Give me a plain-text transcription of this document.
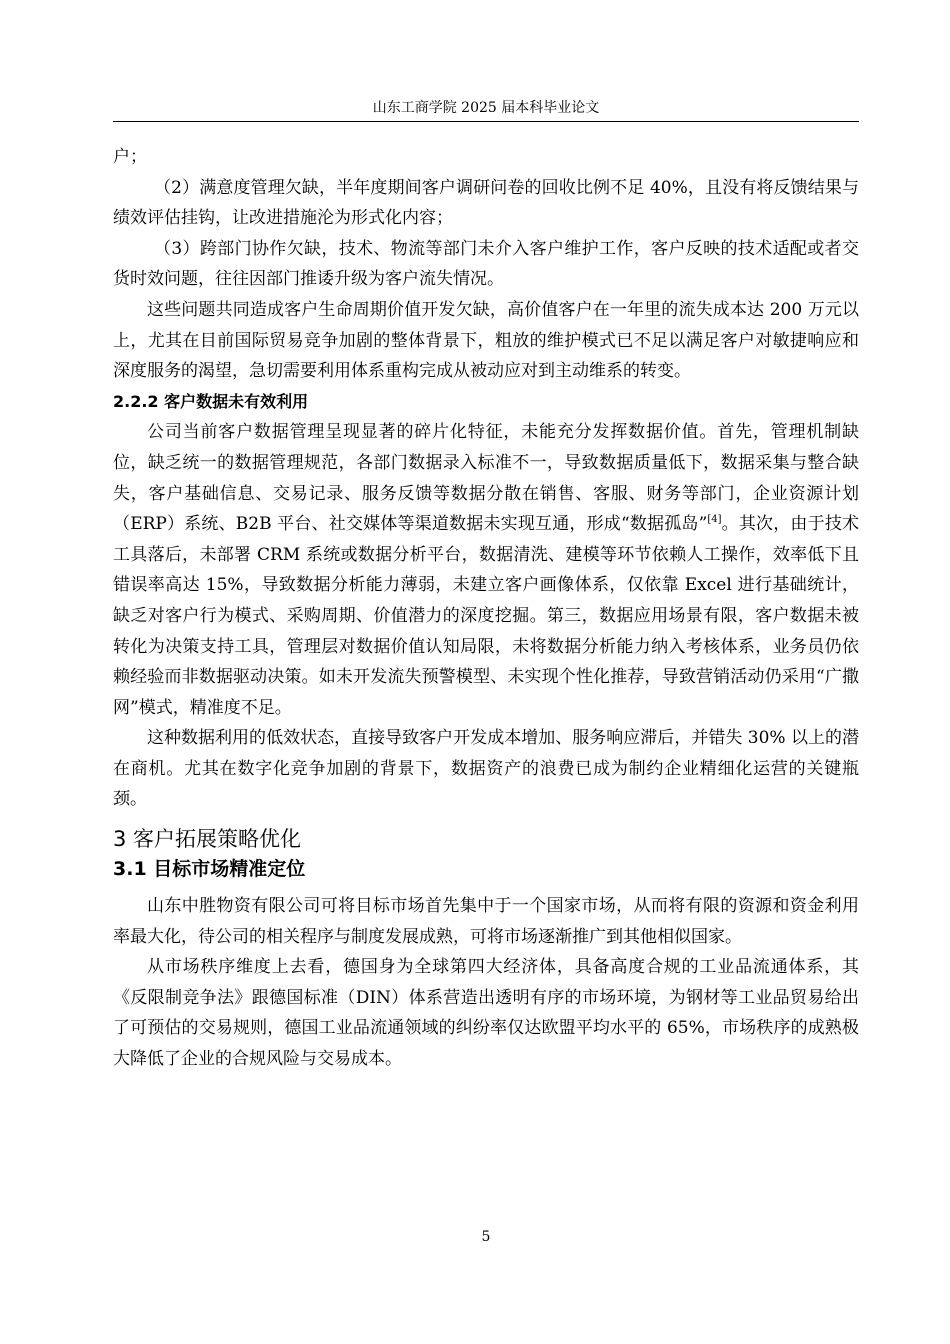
山东工商学院 2025 届本科毕业论文

户；

（2）满意度管理欠缺，半年度期间客户调研问卷的回收比例不足 40%，且没有将反馈结果与绩效评估挂钩，让改进措施沦为形式化内容；

（3）跨部门协作欠缺，技术、物流等部门未介入客户维护工作，客户反映的技术适配或者交货时效问题，往往因部门推诿升级为客户流失情况。

这些问题共同造成客户生命周期价值开发欠缺，高价值客户在一年里的流失成本达 200 万元以上，尤其在目前国际贸易竞争加剧的整体背景下，粗放的维护模式已不足以满足客户对敏捷响应和深度服务的渴望，急切需要利用体系重构完成从被动应对到主动维系的转变。

2.2.2 客户数据未有效利用

公司当前客户数据管理呈现显著的碎片化特征，未能充分发挥数据价值。首先，管理机制缺位，缺乏统一的数据管理规范，各部门数据录入标准不一，导致数据质量低下，数据采集与整合缺失，客户基础信息、交易记录、服务反馈等数据分散在销售、客服、财务等部门，企业资源计划（ERP）系统、B2B 平台、社交媒体等渠道数据未实现互通，形成“数据孤岛”[4]。其次，由于技术工具落后，未部署 CRM 系统或数据分析平台，数据清洗、建模等环节依赖人工操作，效率低下且错误率高达 15%，导致数据分析能力薄弱，未建立客户画像体系，仅依靠 Excel 进行基础统计，缺乏对客户行为模式、采购周期、价值潜力的深度挖掘。第三，数据应用场景有限，客户数据未被转化为决策支持工具，管理层对数据价值认知局限，未将数据分析能力纳入考核体系，业务员仍依赖经验而非数据驱动决策。如未开发流失预警模型、未实现个性化推荐，导致营销活动仍采用“广撒网”模式，精准度不足。

这种数据利用的低效状态，直接导致客户开发成本增加、服务响应滞后，并错失 30% 以上的潜在商机。尤其在数字化竞争加剧的背景下，数据资产的浪费已成为制约企业精细化运营的关键瓶颈。

3 客户拓展策略优化
3.1 目标市场精准定位

山东中胜物资有限公司可将目标市场首先集中于一个国家市场，从而将有限的资源和资金利用率最大化，待公司的相关程序与制度发展成熟，可将市场逐渐推广到其他相似国家。

从市场秩序维度上去看，德国身为全球第四大经济体，具备高度合规的工业品流通体系，其《反限制竞争法》跟德国标准（DIN）体系营造出透明有序的市场环境，为钢材等工业品贸易给出了可预估的交易规则，德国工业品流通领域的纠纷率仅达欧盟平均水平的 65%，市场秩序的成熟极大降低了企业的合规风险与交易成本。

5
